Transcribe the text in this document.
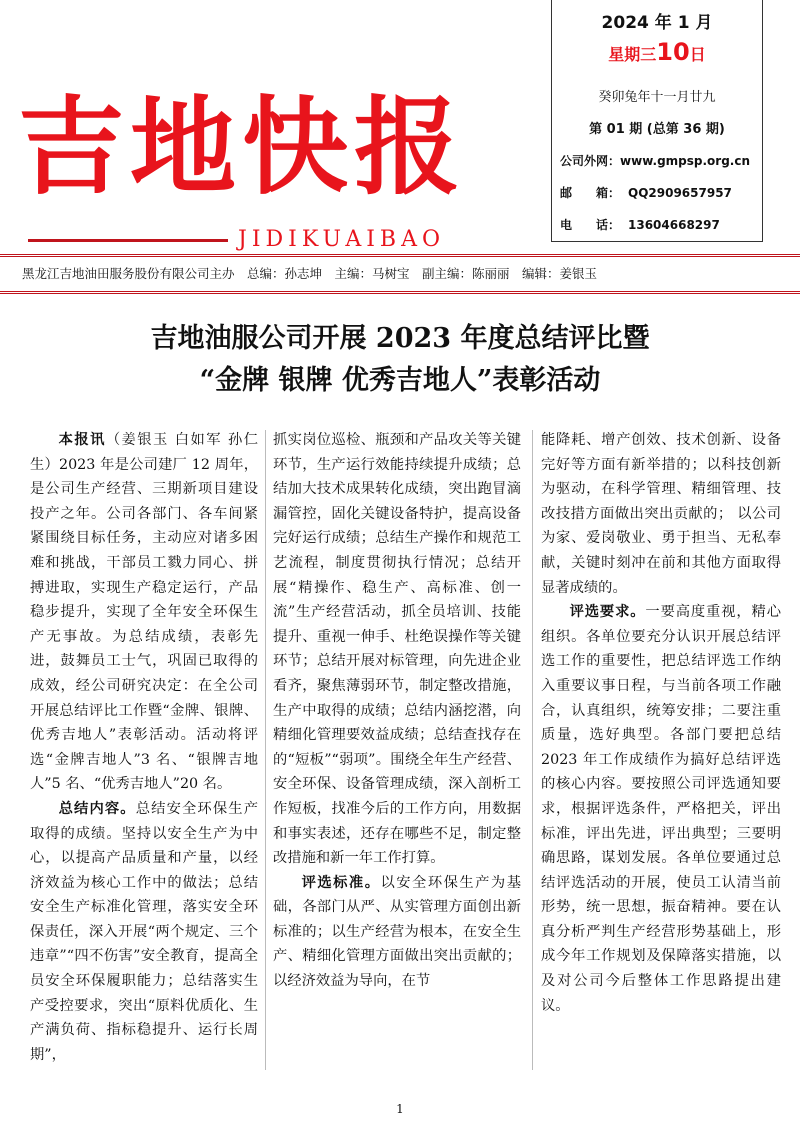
吉地快报
JIDIKUAIBAO
2024 年 1 月
星期三10日
癸卯兔年十一月廿九
第 01 期 (总第 36 期)
公司外网：www.gmpsp.org.cn
邮　　箱： QQ2909657957
电　　话： 13604668297
黑龙江吉地油田服务股份有限公司主办　总编：孙志坤　主编：马树宝　副主编：陈丽丽　编辑：姜银玉
吉地油服公司开展 2023 年度总结评比暨
“金牌 银牌 优秀吉地人”表彰活动

本报讯（姜银玉 白如军 孙仁生）2023 年是公司建厂 12 周年，是公司生产经营、三期新项目建设投产之年。公司各部门、各车间紧紧围绕目标任务，主动应对诸多困难和挑战，干部员工戮力同心、拼搏进取，实现生产稳定运行，产品稳步提升，实现了全年安全环保生产无事故。为总结成绩，表彰先进，鼓舞员工士气，巩固已取得的成效，经公司研究决定：在全公司开展总结评比工作暨“金牌、银牌、优秀吉地人”表彰活动。活动将评选“金牌吉地人”3 名、“银牌吉地人”5 名、“优秀吉地人”20 名。

总结内容。总结安全环保生产取得的成绩。坚持以安全生产为中心，以提高产品质量和产量，以经济效益为核心工作中的做法；总结安全生产标准化管理，落实安全环保责任，深入开展“两个规定、三个违章”“四不伤害”安全教育，提高全员安全环保履职能力；总结落实生产受控要求，突出“原料优质化、生产满负荷、指标稳提升、运行长周期”，

抓实岗位巡检、瓶颈和产品攻关等关键环节，生产运行效能持续提升成绩；总结加大技术成果转化成绩，突出跑冒滴漏管控，固化关键设备特护，提高设备完好运行成绩；总结生产操作和规范工艺流程，制度贯彻执行情况；总结开展“精操作、稳生产、高标准、创一流”生产经营活动，抓全员培训、技能提升、重视一伸手、杜绝误操作等关键环节；总结开展对标管理，向先进企业看齐，聚焦薄弱环节，制定整改措施，生产中取得的成绩；总结内涵挖潜，向精细化管理要效益成绩；总结查找存在的“短板”“弱项”。围绕全年生产经营、安全环保、设备管理成绩，深入剖析工作短板，找准今后的工作方向，用数据和事实表述，还存在哪些不足，制定整改措施和新一年工作打算。

评选标准。以安全环保生产为基础，各部门从严、从实管理方面创出新标准的；以生产经营为根本，在安全生产、精细化管理方面做出突出贡献的；以经济效益为导向，在节

能降耗、增产创效、技术创新、设备完好等方面有新举措的；以科技创新为驱动，在科学管理、精细管理、技改技措方面做出突出贡献的； 以公司为家、爱岗敬业、勇于担当、无私奉献，关键时刻冲在前和其他方面取得显著成绩的。

评选要求。一要高度重视，精心组织。各单位要充分认识开展总结评选工作的重要性，把总结评选工作纳入重要议事日程，与当前各项工作融合，认真组织，统筹安排；二要注重质量，选好典型。各部门要把总结 2023 年工作成绩作为搞好总结评选的核心内容。要按照公司评选通知要求，根据评选条件，严格把关，评出标准，评出先进，评出典型；三要明确思路，谋划发展。各单位要通过总结评选活动的开展，使员工认清当前形势，统一思想，振奋精神。要在认真分析严判生产经营形势基础上，形成今年工作规划及保障落实措施，以及对公司今后整体工作思路提出建议。

1
